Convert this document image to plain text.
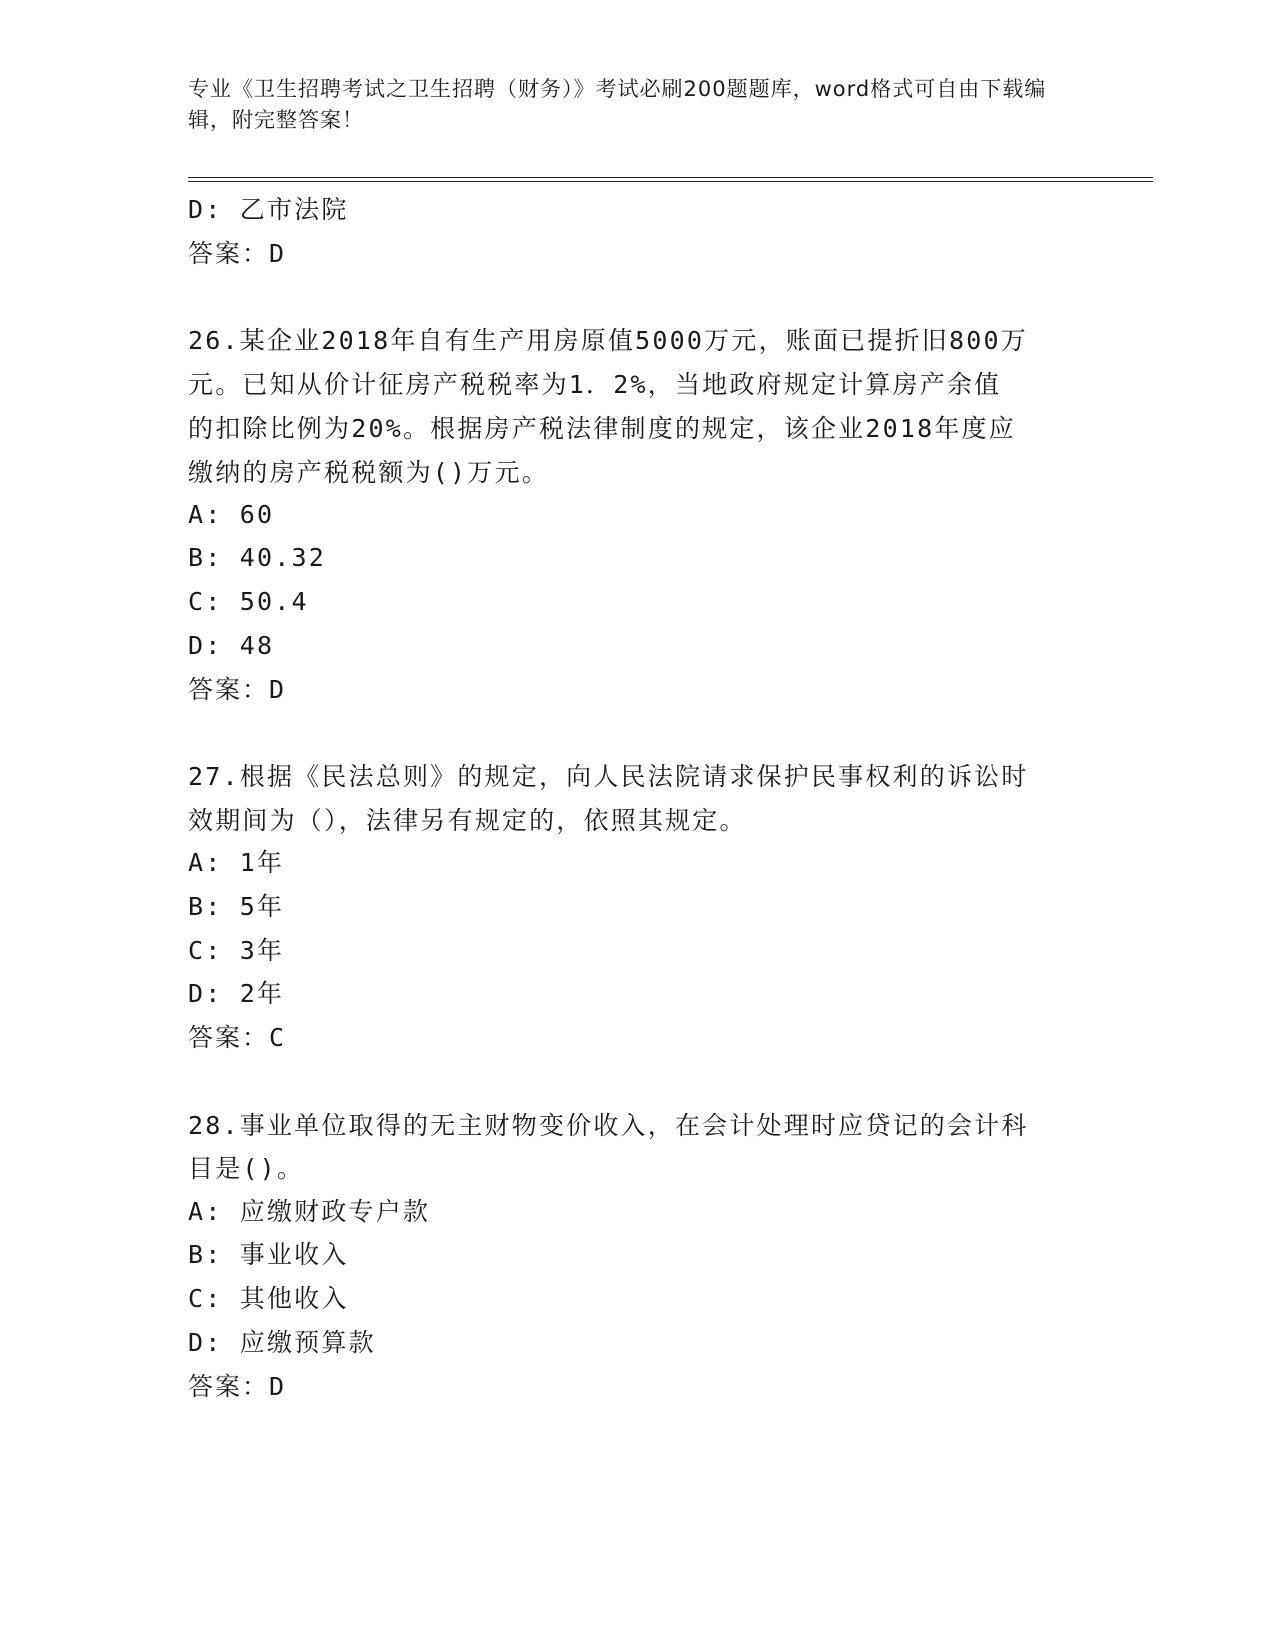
专业《卫生招聘考试之卫生招聘（财务）》考试必刷200题题库，word格式可自由下载编辑，附完整答案！
D: 乙市法院
答案：D
26.某企业2018年自有生产用房原值5000万元，账面已提折旧800万
元。已知从价计征房产税税率为1．2%，当地政府规定计算房产余值
的扣除比例为20%。根据房产税法律制度的规定，该企业2018年度应
缴纳的房产税税额为()万元。
A: 60
B: 40.32
C: 50.4
D: 48
答案：D
27.根据《民法总则》的规定，向人民法院请求保护民事权利的诉讼时
效期间为（），法律另有规定的，依照其规定。
A: 1年
B: 5年
C: 3年
D: 2年
答案：C
28.事业单位取得的无主财物变价收入，在会计处理时应贷记的会计科
目是()。
A: 应缴财政专户款
B: 事业收入
C: 其他收入
D: 应缴预算款
答案：D
